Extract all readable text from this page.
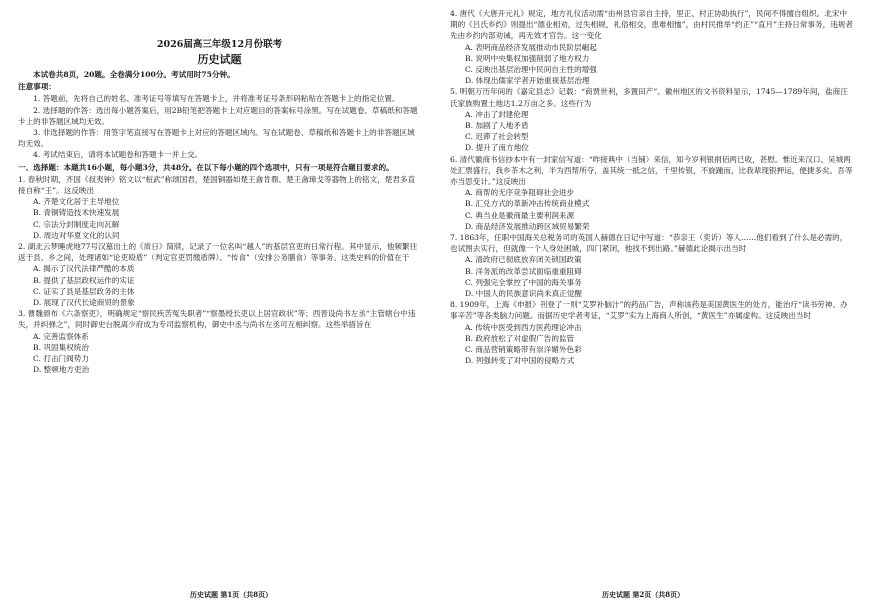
2026届高三年级12月份联考
历史试题
本试卷共8页，20题。全卷满分100分。考试用时75分钟。
注意事项：

1. 答题前，先将自己的姓名、准考证号等填写在答题卡上，并将准考证号条形码粘贴在答题卡上的指定位置。

2. 选择题的作答：选出每小题答案后，用2B铅笔把答题卡上对应题目的答案标号涂黑。写在试题卷、草稿纸和答题卡上的非答题区域均无效。

3. 非选择题的作答：用签字笔直接写在答题卡上对应的答题区域内。写在试题卷、草稿纸和答题卡上的非答题区域均无效。

4. 考试结束后，请将本试题卷和答题卡一并上交。

一、选择题：本题共16小题，每小题3分，共48分。在以下每小题的四个选项中，只有一项是符合题目要求的。

1. 春秋时期，齐国《叔夷钟》铭文以“桓武”称颂国君，楚国铜器如楚王酓肯鼎、楚王酓璋戈等器物上的铭文，楚君多直接自称“王”。这反映出

A. 齐楚文化居于主导地位

B. 青铜铸造技术快速发展

C. 宗法分封制度走向瓦解

D. 周边对华夏文化的认同

2. 湖北云梦睡虎地77号汉墓出土的《质日》简牍，记录了一位名叫“越人”的基层官吏的日常行程。其中显示，他频繁往返于县、乡之间，处理诸如“论吏殴盾”（判定官吏罚缴盾牌）、“传食”（安排公务膳食）等事务。这类史料的价值在于

A. 揭示了汉代法律严酷的本质

B. 提供了基层政权运作的实证

C. 证实了县是基层政务的主体

D. 展现了汉代长途商贸的景象

3. 曹魏颁布《六条察吏》，明确规定“察民疾苦冤失职者”“察墨绶长吏以上居官政状”等；西晋设尚书左丞“主管辖台中违失，并纠弹之”，同时御史台脱离少府成为专司监察机构，御史中丞与尚书左丞可互相纠察。这些举措旨在

A. 完善监察体系

B. 巩固集权统治

C. 打击门阀势力

D. 整顿地方吏治

4. 唐代《大唐开元礼》规定，地方礼仪活动需“由州县官亲自主持，里正、村正协助执行”，民间不得擅自组织。北宋中期的《吕氏乡约》则提出“德业相劝，过失相规，礼俗相交，患难相恤”，由村民推举“约正”“直月”主持日常事务，违规者先由乡约内部劝诫，再无效才官告。这一变化

A. 表明商品经济发展推动市民阶层崛起

B. 说明中央集权加强削弱了地方权力

C. 反映出基层治理中民间自主性的增强

D. 体现出儒家学者开始重视基层治理

5. 明朝万历年间的《嘉定县志》记载：“商贾世利，多置田产”。徽州地区的文书资料显示，1745—1789年间，盐商汪氏家族购置土地达1.2万亩之多。这些行为

A. 冲击了封建伦理

B. 加剧了人地矛盾

C. 迟滞了社会转型

D. 提升了南方地位

6. 清代徽商书信抄本中有一封家信写道：“昨接典中（当铺）来信，知今岁利银捐佰两已收，甚慰。惟近来汉口、吴城两处汇票盛行，我乡茶木之利，半为西帮所夺，盖其统一抵之信，千里传银，不旋踵而，比我辈现银押运，便捷多矣。吾等亦当思变计。”这反映出

A. 商帮的无序竞争阻碍社会进步

B. 汇兑方式的革新冲击传统商业模式

C. 典当业是徽商最主要利润来源

D. 商品经济发展推动跨区域贸易繁荣

7. 1863年，任职中国海关总税务司的英国人赫德在日记中写道：“恭亲王（奕䜣）等人……他们看到了什么是必需的，也试图去实行，但就像一个人身处困城，四门紧闭，他找不到出路。”赫德此论揭示出当时

A. 清政府已彻底放弃闭关锁国政策

B. 洋务派的改革尝试面临重重阻碍

C. 列强完全掌控了中国的海关事务

D. 中国人的民族意识尚未真正觉醒

8. 1909年，上海《申报》刊登了一则“艾罗补脑汁”的药品广告，声称该药是美国黄医生的处方，能治疗“读书劳神、办事辛苦”等各类脑力问题。而据历史学者考证，“艾罗”实为上海商人所创，“黄医生”亦属虚构。这反映出当时

A. 传统中医受到西方医药理论冲击

B. 政府放松了对虚假广告的监管

C. 商品营销策略带有崇洋媚外色彩

D. 列强转变了对中国的侵略方式

历史试题 第1页（共8页）	历史试题 第2页（共8页）
